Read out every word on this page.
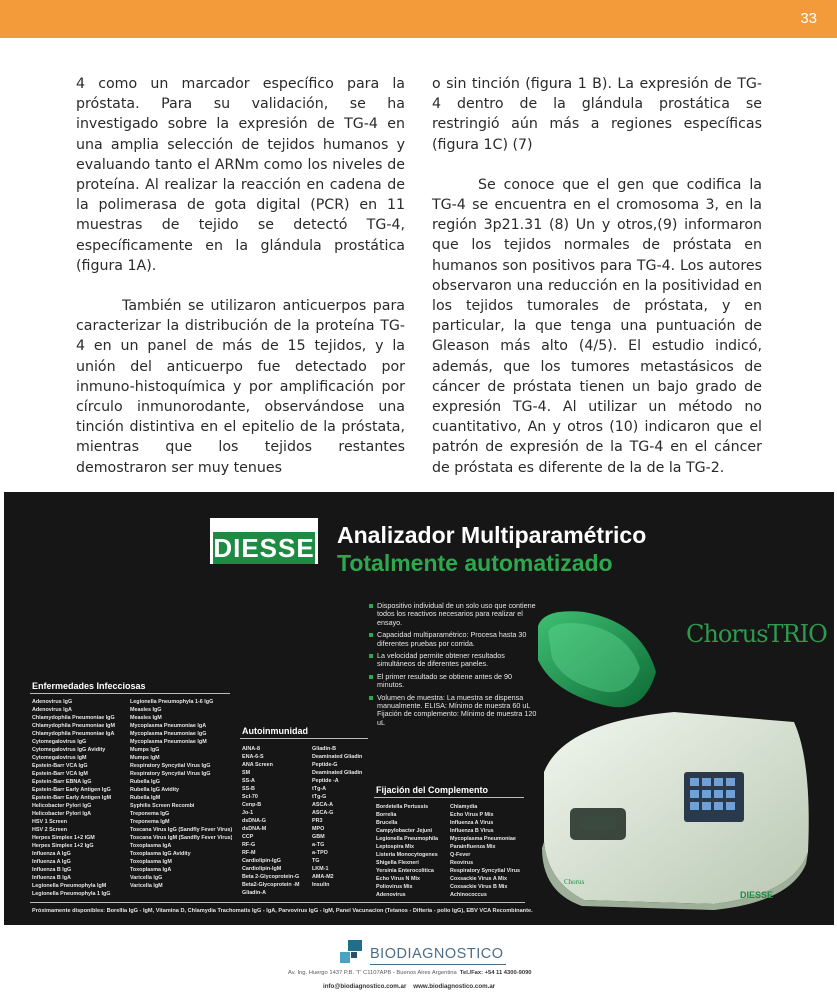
33

4 como un marcador específico para la próstata. Para su validación, se ha investigado sobre la expresión de TG-4 en una amplia selección de tejidos humanos y evaluando tanto el ARNm como los niveles de proteína. Al realizar la reacción en cadena de la polimerasa de gota digital (PCR) en 11 muestras de tejido se detectó TG-4, específicamente en la glándula prostática (figura 1A).

También se utilizaron anticuerpos para caracterizar la distribución de la proteína TG-4 en un panel de más de 15 tejidos, y la unión del anticuerpo fue detectado por inmuno-histoquímica y por amplificación por círculo inmunorodante, observándose una tinción distintiva en el epitelio de la próstata, mientras que los tejidos restantes demostraron ser muy tenues

o sin tinción (figura 1 B). La expresión de TG-4 dentro de la glándula prostática se restringió aún más a regiones específicas (figura 1C) (7)

Se conoce que el gen que codifica la TG-4 se encuentra en el cromosoma 3, en la región 3p21.31 (8) Un y otros,(9) informaron que los tejidos normales de próstata en humanos son positivos para TG-4. Los autores observaron una reducción en la positividad en los tejidos tumorales de próstata, y en particular, la que tenga una puntuación de Gleason más alto (4/5). El estudio indicó, además, que los tumores metastásicos de cáncer de próstata tienen un bajo grado de expresión TG-4. Al utilizar un método no cuantitativo, An y otros (10) indicaron que el patrón de expresión de la TG-4 en el cáncer de próstata es diferente de la de la TG-2.

DIESSE Analizador Multiparamétrico
Totalmente automatizado
Dispositivo individual de un solo uso que contiene todos los reactivos necesarios para realizar el ensayo.
Capacidad multiparamétrico: Procesa hasta 30 diferentes pruebas por corrida.
La velocidad permite obtener resultados simultáneos de diferentes paneles.
El primer resultado se obtiene antes de 90 minutos.
Volumen de muestra: La muestra se dispensa manualmente. ELISA: Mínimo de muestra 60 uL Fijación de complemento: Mínimo de muestra 120 uL
DIESSE
Chorus
ChorusTRIO
Enfermedades Infecciosas
Adenovirus IgG	Legionella Pneumophyla 1-6 IgG
Adenovirus IgA	Measles IgG
Chlamydophila Pneumoniae IgG	Measles IgM
Chlamydophila Pneumoniae IgM	Mycoplasma Pneumoniae IgA
Chlamydophila Pneumoniae IgA	Mycoplasma Pneumoniae IgG
Cytomegalovirus IgG	Mycoplasma Pneumoniae IgM
Cytomegalovirus IgG Avidity	Mumps IgG
Cytomegalovirus IgM	Mumps IgM
Epstein-Barr VCA IgG	Respiratory Syncytial Virus IgG
Epstein-Barr VCA IgM	Respiratory Syncytial Virus IgG
Epstein-Barr EBNA IgG	Rubella IgG
Epstein-Barr Early Antigen IgG	Rubella IgG Avidity
Epstein-Barr Early Antigen IgM	Rubella IgM
Helicobacter Pylori IgG	Syphilis Screen Recombi
Helicobacter Pylori IgA	Treponema IgG
HSV 1 Screen	Treponema IgM
HSV 2 Screen	Toscana Virus IgG (Sandfly Fever Virus)
Herpes Simplex 1+2 IGM	Toscana Virus IgM (Sandfly Fever Virus)
Herpes Simplex 1+2 IgG	Toxoplasma IgA
Influenza A IgG	Toxoplasma IgG Avidity
Influenza A IgG	Toxoplasma IgM
Influenza B IgG	Toxoplasma IgA
Influenza B IgA	Varicella IgG
Legionella Pneumophyla IgM	Varicella IgM
Legionella Pneumophyla 1 IgG
Autoinmunidad
AINA-8	Gliadin-B
ENA-6-S	Deaminated Gliadin
ANA Screen	Peptide-G
SM	Deaminated Gliadin
SS-A	Peptide -A
SS-B	tTg-A
Scl-70	tTg-G
Cenp-B	ASCA-A
Jo-1	ASCA-G
dsDNA-G	PR3
dsDNA-M	MPO
CCP	GBM
RF-G	a-TG
RF-M	a-TPO
Cardiolipin-IgG	TG
Cardiolipin-IgM	LKM-1
Beta 2-Glycoprotein-G	AMA-M2
Beta2-Glycoprotein -M	Insulin
Gliadin-A
Fijación del Complemento
Bordetella Pertussis	Chlamydia
Borrelia	Echo Virus P Mix
Brucella	Influenza A Virus
Campylobacter Jejuni	Influenza B Virus
Legionella Pneumophila	Mycoplasma Pneumoniae
Leptospira Mix	Parainfluenza Mix
Listeria Monocytogenes	Q-Fever
Shigella Flexneri	Reovirus
Yersinia Enterocolitica	Respiratory Syncytial Virus
Echo Virus N Mix	Coxsackie Virus A Mix
Poliovirus Mix	Coxsackie Virus B Mix
Adenovirus	Achinococcus
Próximamente disponibles: Borellia IgG - IgM, Vitamina D, Chlamydia Trachomatis IgG - IgA, Parvovirus IgG - IgM, Panel Vacunacion (Tetanos - Difteria - polio IgG), EBV VCA Recombinante.
BIODIAGNOSTICO
Av. Ing. Huergo 1437 P.B. "I" C1107APB - Buenos Aires Argentina Tel./Fax: +54 11 4300-9090
info@biodiagnostico.com.ar www.biodiagnostico.com.ar
